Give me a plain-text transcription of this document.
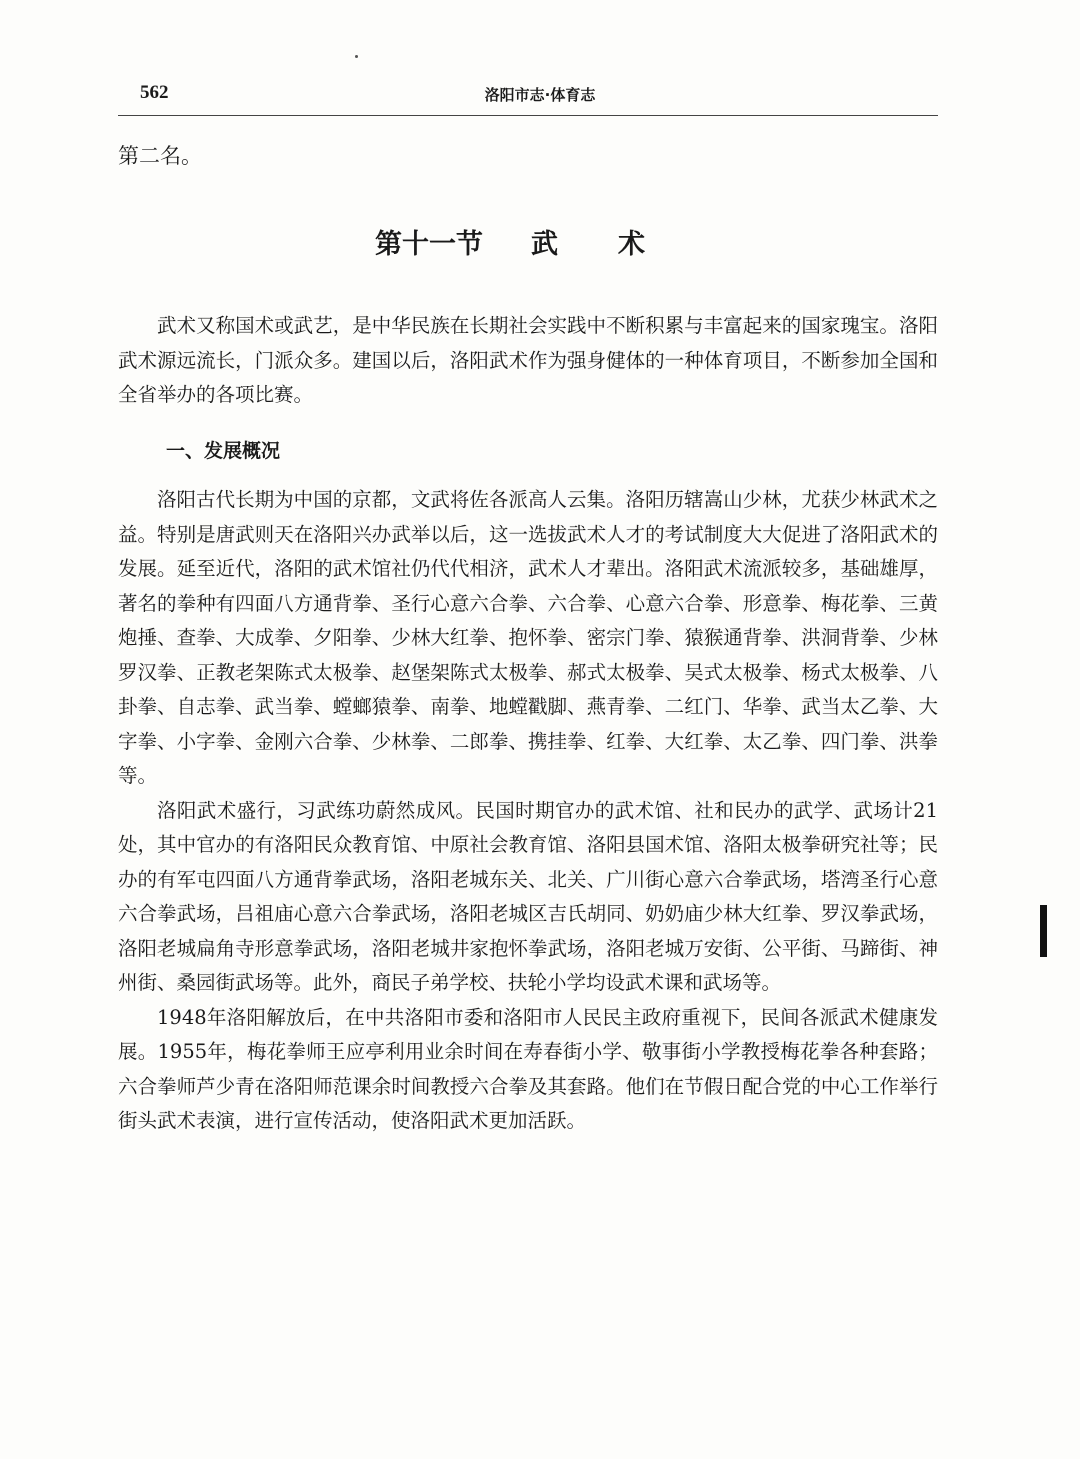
562	洛阳市志·体育志
第二名。
第十一节 武术

武术又称国术或武艺，是中华民族在长期社会实践中不断积累与丰富起来的国家瑰宝。洛阳武术源远流长，门派众多。建国以后，洛阳武术作为强身健体的一种体育项目，不断参加全国和全省举办的各项比赛。

一、发展概况

洛阳古代长期为中国的京都，文武将佐各派高人云集。洛阳历辖嵩山少林，尤获少林武术之益。特别是唐武则天在洛阳兴办武举以后，这一选拔武术人才的考试制度大大促进了洛阳武术的发展。延至近代，洛阳的武术馆社仍代代相济，武术人才辈出。洛阳武术流派较多，基础雄厚，著名的拳种有四面八方通背拳、圣行心意六合拳、六合拳、心意六合拳、形意拳、梅花拳、三黄炮捶、查拳、大成拳、夕阳拳、少林大红拳、抱怀拳、密宗门拳、猿猴通背拳、洪洞背拳、少林罗汉拳、正教老架陈式太极拳、赵堡架陈式太极拳、郝式太极拳、吴式太极拳、杨式太极拳、八卦拳、自志拳、武当拳、螳螂猿拳、南拳、地螳戳脚、燕青拳、二红门、华拳、武当太乙拳、大字拳、小字拳、金刚六合拳、少林拳、二郎拳、携挂拳、红拳、大红拳、太乙拳、四门拳、洪拳等。

洛阳武术盛行，习武练功蔚然成风。民国时期官办的武术馆、社和民办的武学、武场计21处，其中官办的有洛阳民众教育馆、中原社会教育馆、洛阳县国术馆、洛阳太极拳研究社等；民办的有军屯四面八方通背拳武场，洛阳老城东关、北关、广川街心意六合拳武场，塔湾圣行心意六合拳武场，吕祖庙心意六合拳武场，洛阳老城区吉氏胡同、奶奶庙少林大红拳、罗汉拳武场，洛阳老城扁角寺形意拳武场，洛阳老城井家抱怀拳武场，洛阳老城万安街、公平街、马蹄街、神州街、桑园街武场等。此外，商民子弟学校、扶轮小学均设武术课和武场等。

1948年洛阳解放后，在中共洛阳市委和洛阳市人民民主政府重视下，民间各派武术健康发展。1955年，梅花拳师王应亭利用业余时间在寿春街小学、敬事街小学教授梅花拳各种套路；六合拳师芦少青在洛阳师范课余时间教授六合拳及其套路。他们在节假日配合党的中心工作举行街头武术表演，进行宣传活动，使洛阳武术更加活跃。
